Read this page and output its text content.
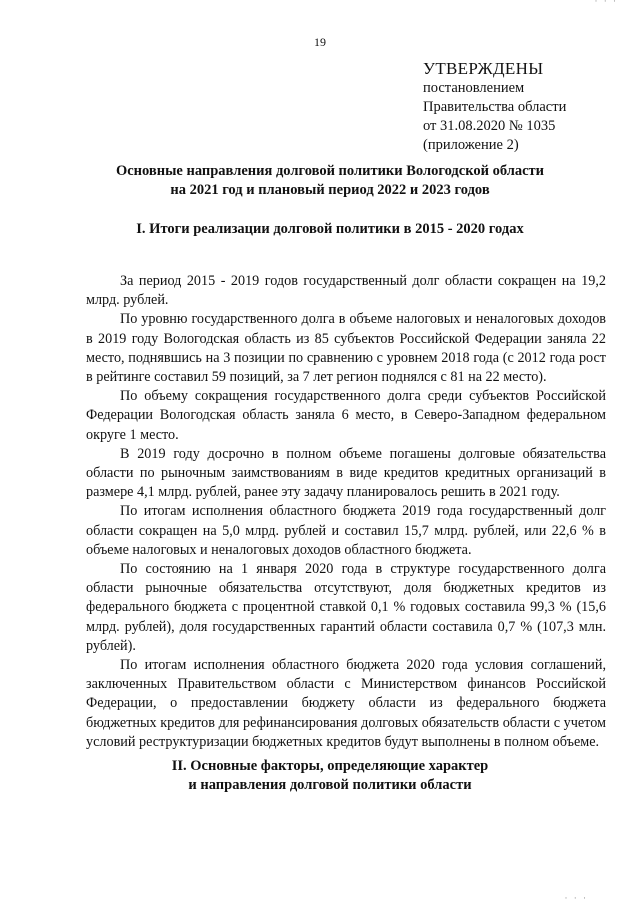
· · ·
19
УТВЕРЖДЕНЫ
постановлением
Правительства области
от 31.08.2020 № 1035
(приложение 2)
Основные направления долговой политики Вологодской области
на 2021 год и плановый период 2022 и 2023 годов
I. Итоги реализации долговой политики в 2015 - 2020 годах

За период 2015 - 2019 годов государственный долг области сокращен на 19,2 млрд. рублей.

По уровню государственного долга в объеме налоговых и неналоговых доходов в 2019 году Вологодская область из 85 субъектов Российской Федерации заняла 22 место, поднявшись на 3 позиции по сравнению с уровнем 2018 года (с 2012 года рост в рейтинге составил 59 позиций, за 7 лет регион поднялся с 81 на 22 место).

По объему сокращения государственного долга среди субъектов Российской Федерации Вологодская область заняла 6 место, в Северо-Западном федеральном округе 1 место.

В 2019 году досрочно в полном объеме погашены долговые обязательства области по рыночным заимствованиям в виде кредитов кредитных организаций в размере 4,1 млрд. рублей, ранее эту задачу планировалось решить в 2021 году.

По итогам исполнения областного бюджета 2019 года государственный долг области сокращен на 5,0 млрд. рублей и составил 15,7 млрд. рублей, или 22,6 % в объеме налоговых и неналоговых доходов областного бюджета.

По состоянию на 1 января 2020 года в структуре государственного долга области рыночные обязательства отсутствуют, доля бюджетных кредитов из федерального бюджета с процентной ставкой 0,1 % годовых составила 99,3 % (15,6 млрд. рублей), доля государственных гарантий области составила 0,7 % (107,3 млн. рублей).

По итогам исполнения областного бюджета 2020 года условия соглашений, заключенных Правительством области с Министерством финансов Российской Федерации, о предоставлении бюджету области из федерального бюджета бюджетных кредитов для рефинансирования долговых обязательств области с учетом условий реструктуризации бюджетных кредитов будут выполнены в полном объеме.

II. Основные факторы, определяющие характер
и направления долговой политики области
· · ·
